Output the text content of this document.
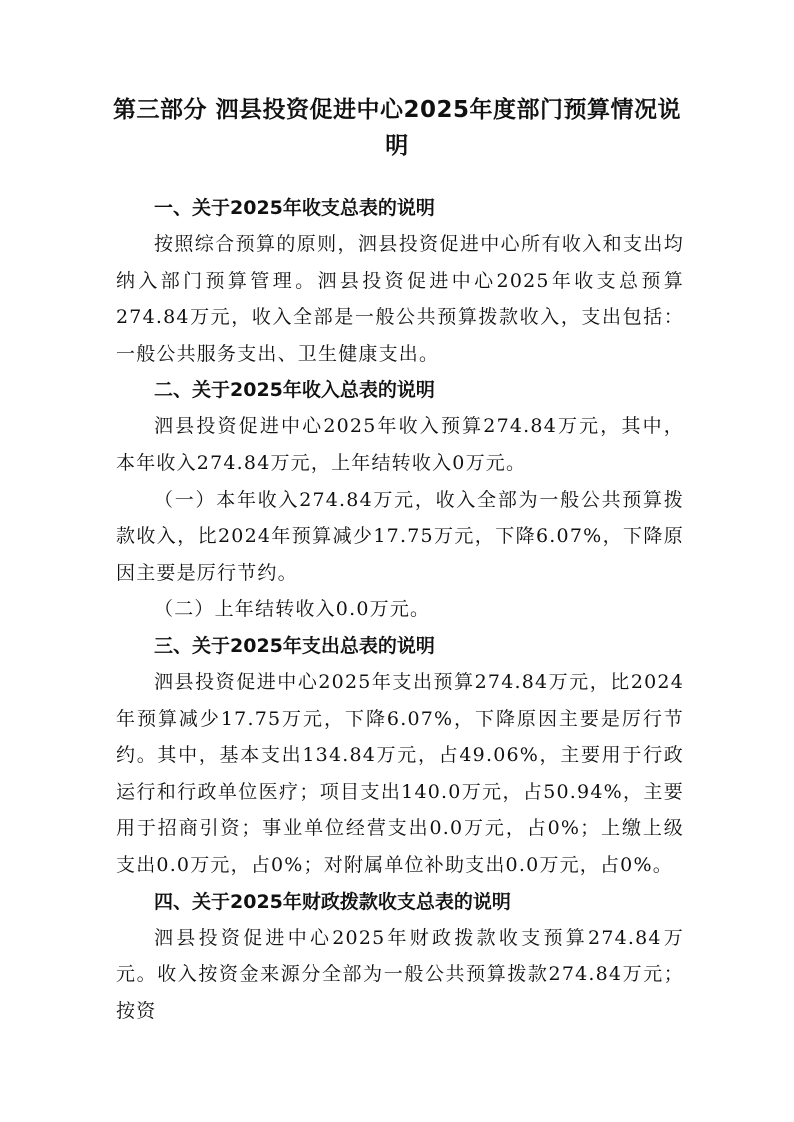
第三部分 泗县投资促进中心2025年度部门预算情况说明

一、关于2025年收支总表的说明

按照综合预算的原则，泗县投资促进中心所有收入和支出均纳入部门预算管理。泗县投资促进中心2025年收支总预算274.84万元，收入全部是一般公共预算拨款收入，支出包括：一般公共服务支出、卫生健康支出。

二、关于2025年收入总表的说明

泗县投资促进中心2025年收入预算274.84万元，其中，本年收入274.84万元，上年结转收入0万元。

（一）本年收入274.84万元，收入全部为一般公共预算拨款收入，比2024年预算减少17.75万元，下降6.07%，下降原因主要是厉行节约。

（二）上年结转收入0.0万元。

三、关于2025年支出总表的说明

泗县投资促进中心2025年支出预算274.84万元，比2024年预算减少17.75万元，下降6.07%，下降原因主要是厉行节约。其中，基本支出134.84万元，占49.06%，主要用于行政运行和行政单位医疗；项目支出140.0万元，占50.94%，主要用于招商引资；事业单位经营支出0.0万元，占0%；上缴上级支出0.0万元，占0%；对附属单位补助支出0.0万元，占0%。

四、关于2025年财政拨款收支总表的说明

泗县投资促进中心2025年财政拨款收支预算274.84万元。收入按资金来源分全部为一般公共预算拨款274.84万元；按资
